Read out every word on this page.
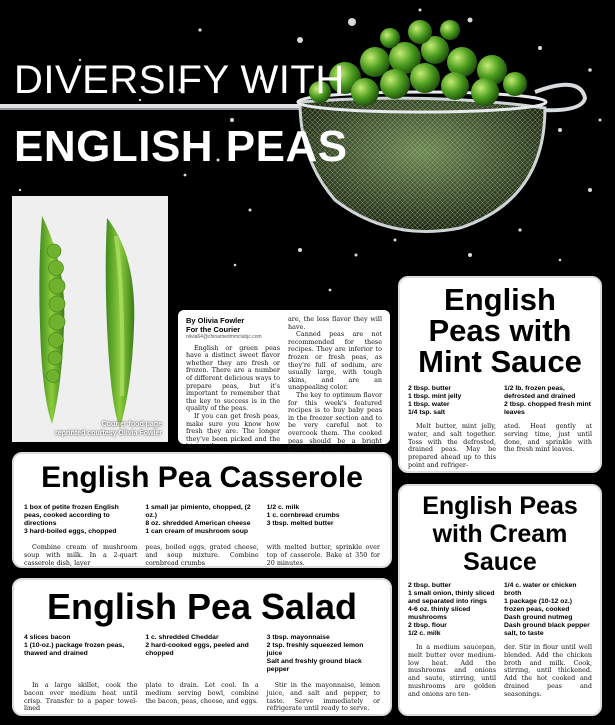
DIVERSIFY WITH
ENGLISH PEAS
Courier food page
reprinted courtesy Olivia Fowler
By Olivia Fowler
For the Courier
olivia64@chinamedmmclubjc.com
English or green peas have a distinct sweet flavor whether they are fresh or frozen. There are a number of different delicious ways to prepare peas, but it's important to remember that the key to success is in the quality of the peas.
If you can get fresh peas, make sure you know how fresh they are. The longer they've been picked and the bigger they
are, the less flavor they will have.
Canned peas are not recommended for these recipes. They are inferior to frozen or fresh peas, as they're full of sodium, are usually large, with tough skins, and are an unappealing color.
The key to optimum flavor for this week's featured recipes is to buy baby peas in the freezer section and to be very careful not to overcook them. The cooked peas should be a bright green and should be slightly
English
Peas with
Mint Sauce
2 tbsp. butter
1 tbsp. mint jelly
1 tbsp. water
1/4 tsp. salt
1/2 lb. frozen peas, defrosted and drained
2 tbsp. chopped fresh mint leaves
Melt butter, mint jelly, water, and salt together. Toss with the defrosted, drained peas. May be prepared ahead up to this point and refriger-
ated. Heat gently at serving time, just until done, and sprinkle with the fresh mint leaves.
English Pea Casserole
1 box of petite frozen English peas, cooked according to directions
3 hard-boiled eggs, chopped
1 small jar pimiento, chopped, (2 oz.)
8 oz. shredded American cheese
1 can cream of mushroom soup
1/2 c. milk
1 c. cornbread crumbs
3 tbsp. melted butter
Combine cream of mushroom soup with milk. In a 2-quart casserole dish, layer
peas, boiled eggs, grated cheese, and soup mixture. Combine cornbread crumbs
with melted butter, sprinkle over top of casserole. Bake at 350 for 20 minutes.
English Peas
with Cream
Sauce
2 tbsp. butter
1 small onion, thinly sliced and separated into rings
4-6 oz. thinly sliced mushrooms
2 tbsp. flour
1/2 c. milk
1/4 c. water or chicken broth
1 package (10-12 oz.) frozen peas, cooked
Dash ground nutmeg
Dash ground black pepper salt, to taste
In a medium saucepan, melt butter over medium-low heat. Add the mushrooms and onions and saute, stirring, until mushrooms are golden and onions are ten-
der. Stir in flour until well blended. Add the chicken broth and milk. Cook, stirring, until thickened. Add the hot cooked and drained peas and seasonings.
English Pea Salad
4 slices bacon
1 (10-oz.) package frozen peas, thawed and drained
1 c. shredded Cheddar
2 hard-cooked eggs, peeled and chopped
3 tbsp. mayonnaise
2 tsp. freshly squeezed lemon juice
Salt and freshly ground black pepper
In a large skillet, cook the bacon over medium heat until crisp. Transfer to a paper towel-lined
plate to drain. Let cool. In a medium serving bowl, combine the bacon, peas, cheese, and eggs.
Stir in the mayonnaise, lemon juice, and salt and pepper, to taste. Serve immediately or refrigerate until ready to serve.
